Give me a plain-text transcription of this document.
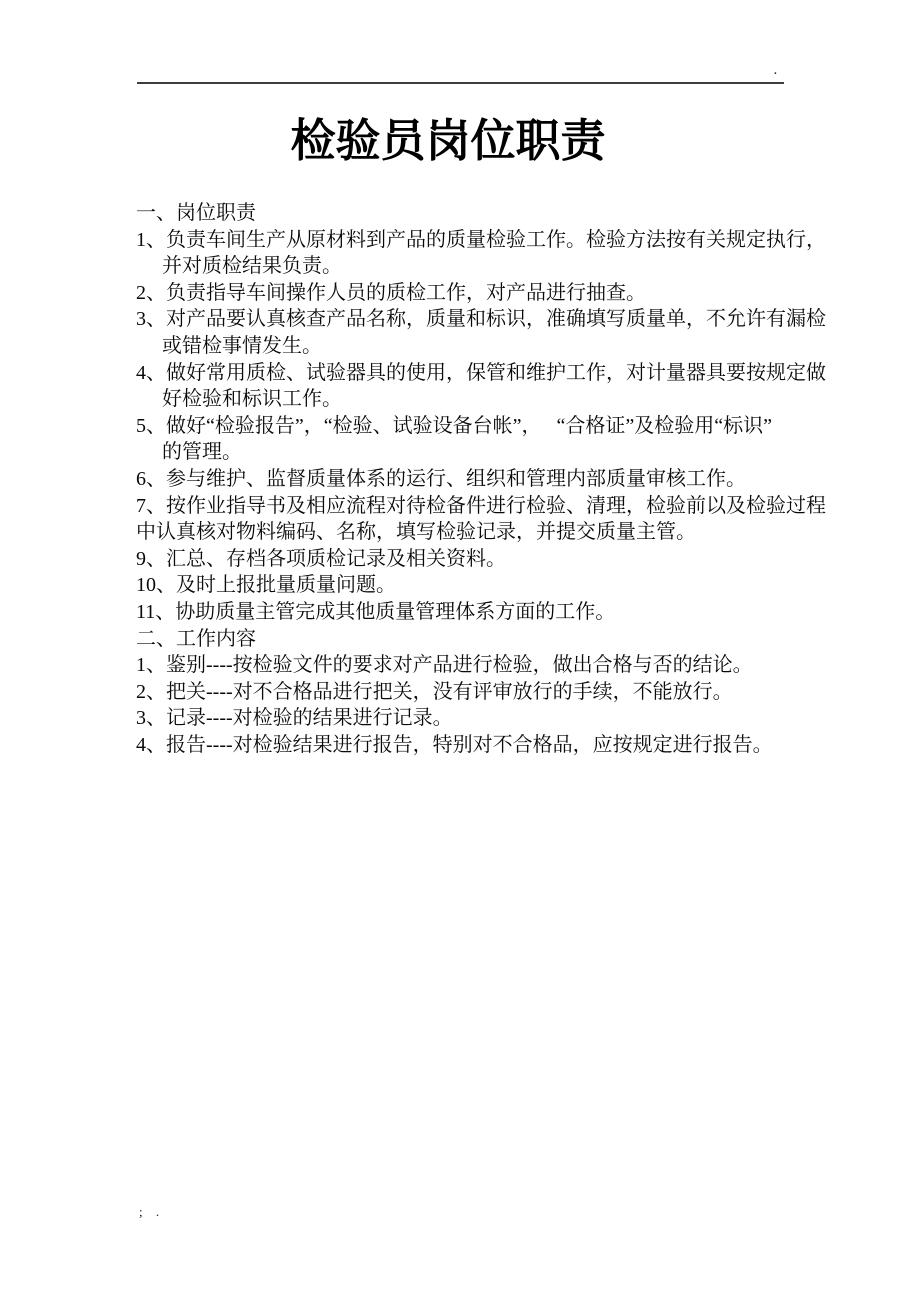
.
检验员岗位职责
一、岗位职责
1、负责车间生产从原材料到产品的质量检验工作。检验方法按有关规定执行，
并对质检结果负责。
2、负责指导车间操作人员的质检工作，对产品进行抽查。
3、对产品要认真核查产品名称，质量和标识，准确填写质量单，不允许有漏检
或错检事情发生。
4、做好常用质检、试验器具的使用，保管和维护工作，对计量器具要按规定做
好检验和标识工作。
5、做好“检验报告”，“检验、试验设备台帐”，　 “合格证”及检验用“标识”
的管理。
6、参与维护、监督质量体系的运行、组织和管理内部质量审核工作。
7、按作业指导书及相应流程对待检备件进行检验、清理，检验前以及检验过程
中认真核对物料编码、名称，填写检验记录，并提交质量主管。
9、汇总、存档各项质检记录及相关资料。
10、及时上报批量质量问题。
11、协助质量主管完成其他质量管理体系方面的工作。
二、工作内容
1、鉴别----按检验文件的要求对产品进行检验，做出合格与否的结论。
2、把关----对不合格品进行把关，没有评审放行的手续，不能放行。
3、记录----对检验的结果进行记录。
4、报告----对检验结果进行报告，特别对不合格品，应按规定进行报告。
; .
